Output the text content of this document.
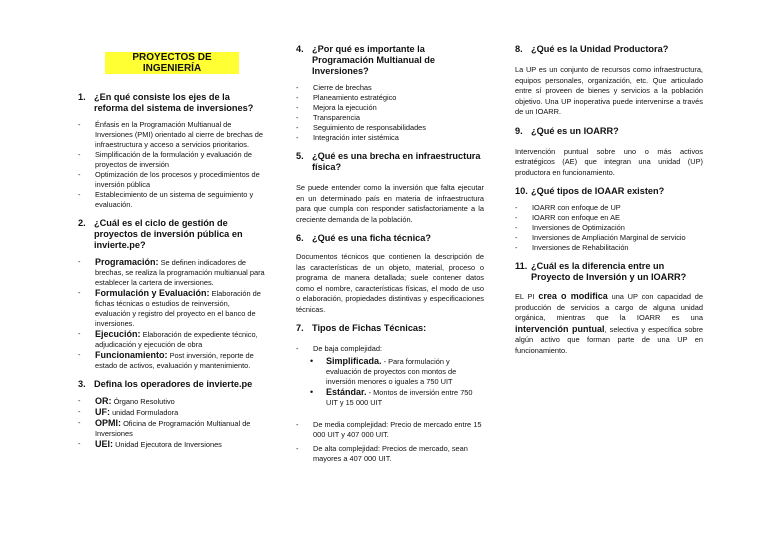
PROYECTOS DE INGENIERÍA
1. ¿En qué consiste los ejes de la reforma del sistema de inversiones?
- Énfasis en la Programación Multianual de Inversiones (PMI) orientado al cierre de brechas de infraestructura y acceso a servicios prioritarios.
- Simplificación de la formulación y evaluación de proyectos de inversión
- Optimización de los procesos y procedimientos de inversión pública
- Establecimiento de un sistema de seguimiento y evaluación.
2. ¿Cuál es el ciclo de gestión de proyectos de inversión pública en invierte.pe?
- Programación: Se definen indicadores de brechas, se realiza la programación multianual para establecer la cartera de inversiones.
- Formulación y Evaluación: Elaboración de fichas técnicas o estudios de reinversión, evaluación y registro del proyecto en el banco de inversiones.
- Ejecución: Elaboración de expediente técnico, adjudicación y ejecución de obra
- Funcionamiento: Post inversión, reporte de estado de activos, evaluación y mantenimiento.
3. Defina los operadores de invierte.pe
- OR: Órgano Resolutivo
- UF: unidad Formuladora
- OPMI: Oficina de Programación Multianual de Inversiones
- UEI: Unidad Ejecutora de Inversiones
4. ¿Por qué es importante la Programación Multianual de Inversiones?
- Cierre de brechas
- Planeamiento estratégico
- Mejora la ejecución
- Transparencia
- Seguimiento de responsabilidades
- Integración inter sistémica
5. ¿Qué es una brecha en infraestructura física?

Se puede entender como la inversión que falta ejecutar en un determinado país en materia de infraestructura para que cumpla con responder satisfactoriamente a la creciente demanda de la población.

6. ¿Qué es una ficha técnica?

Documentos técnicos que contienen la descripción de las características de un objeto, material, proceso o programa de manera detallada; suele contener datos como el nombre, características físicas, el modo de uso o elaboración, propiedades distintivas y especificaciones técnicas.

7. Tipos de Fichas Técnicas:
- De baja complejidad:
• Simplificada. - Para formulación y evaluación de proyectos con montos de inversión menores o iguales a 750 UIT
• Estándar. - Montos de inversión entre 750 UIT y 15 000 UIT
- De media complejidad: Precio de mercado entre 15 000 UIT y 407 000 UIT.
- De alta complejidad: Precios de mercado, sean mayores a 407 000 UIT.
8. ¿Qué es la Unidad Productora?

La UP es un conjunto de recursos como infraestructura, equipos personales, organización, etc. Que articulado entre sí proveen de bienes y servicios a la población objetivo. Una UP inoperativa puede intervenirse a través de un IOARR.

9. ¿Qué es un IOARR?

Intervención puntual sobre uno o más activos estratégicos (AE) que integran una unidad (UP) productora en funcionamiento.

10. ¿Qué tipos de IOAAR existen?
- IOARR con enfoque de UP
- IOARR con enfoque en AE
- Inversiones de Optimización
- Inversiones de Ampliación Marginal de servicio
- Inversiones de Rehabilitación
11. ¿Cuál es la diferencia entre un Proyecto de Inversión y un IOARR?

EL PI crea o modifica una UP con capacidad de producción de servicios a cargo de alguna unidad orgánica, mientras que la IOARR es una intervención puntual, selectiva y específica sobre algún activo que forman parte de una UP en funcionamiento.
